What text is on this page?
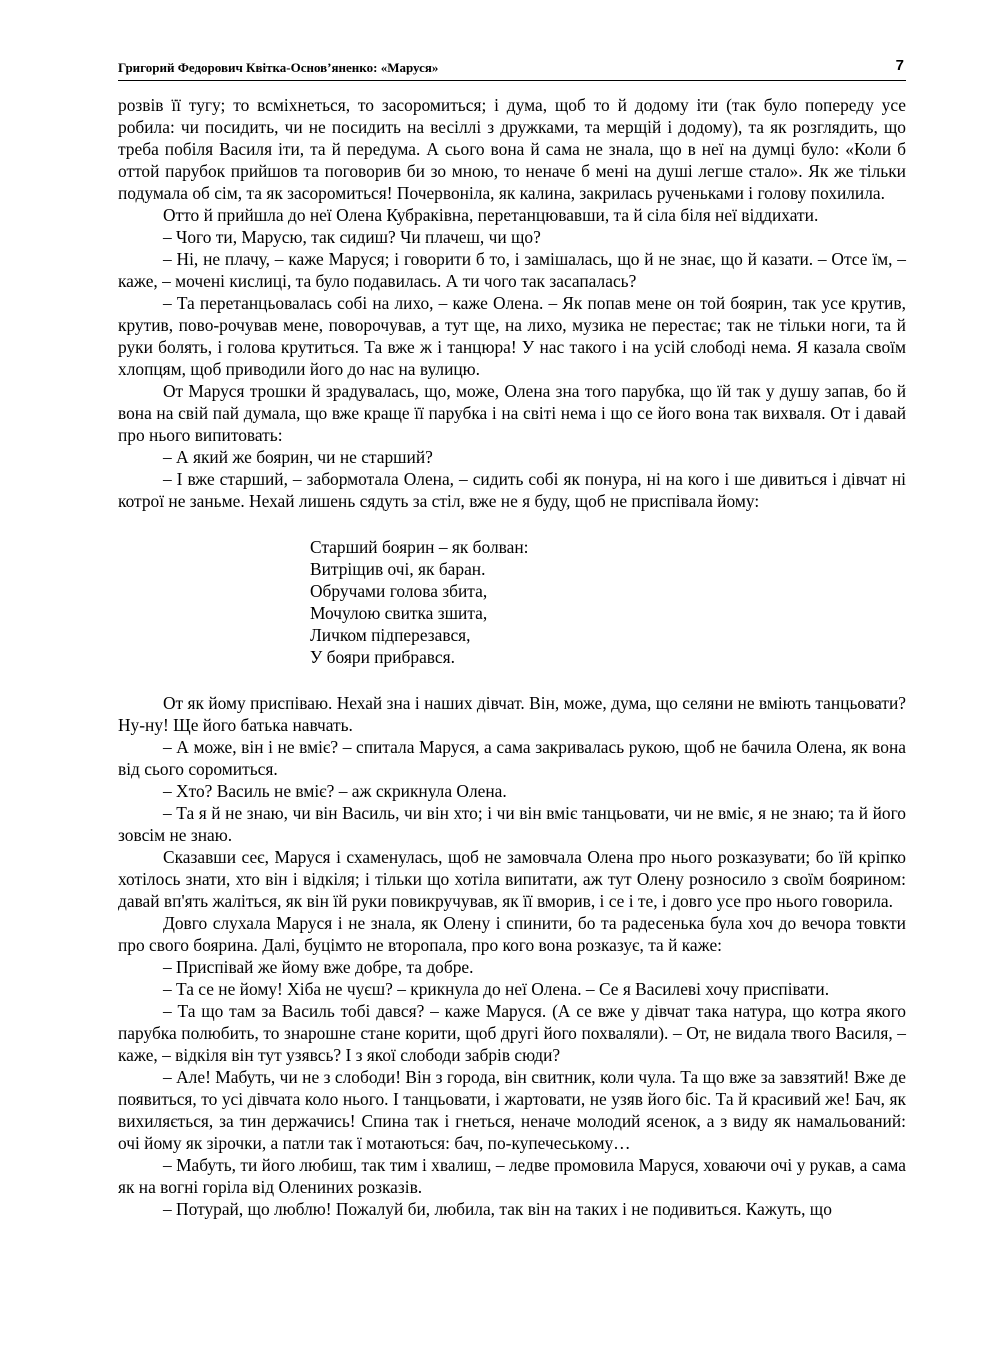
Григорий Федорович Квітка-Основ’яненко: «Маруся»	7

розвів її тугу; то всміхнеться, то засоромиться; і дума, щоб то й додому іти (так було попереду усе робила: чи посидить, чи не посидить на весіллі з дружками, та мерщій і додому), та як розглядить, що треба побіля Василя іти, та й передума. А сього вона й сама не знала, що в неї на думці було: «Коли б оттой парубок прийшов та поговорив би зо мною, то неначе б мені на душі легше стало». Як же тільки подумала об сім, та як засоромиться! Почервоніла, як калина, закрилась рученьками і голову похилила.

Отто й прийшла до неї Олена Кубраківна, перетанцювавши, та й сіла біля неї віддихати.

– Чого ти, Марусю, так сидиш? Чи плачеш, чи що?

– Ні, не плачу, – каже Маруся; і говорити б то, і замішалась, що й не знає, що й казати. – Отсе їм, – каже, – мочені кислиці, та було подавилась. А ти чого так засапалась?

– Та перетанцьовалась собі на лихо, – каже Олена. – Як попав мене он той боярин, так усе крутив, крутив, пово-рочував мене, поворочував, а тут ще, на лихо, музика не перестає; так не тільки ноги, та й руки болять, і голова крутиться. Та вже ж і танцюра! У нас такого і на усій слободі нема. Я казала своїм хлопцям, щоб приводили його до нас на вулицю.

От Маруся трошки й зрадувалась, що, може, Олена зна того парубка, що їй так у душу запав, бо й вона на свій пай думала, що вже краще її парубка і на світі нема і що се його вона так вихваля. От і давай про нього випитовать:

– А який же боярин, чи не старший?

– І вже старший, – забормотала Олена, – сидить собі як понура, ні на кого і ше дивиться і дівчат ні котрої не заньме. Нехай лишень сядуть за стіл, вже не я буду, щоб не приспівала йому:

Старший боярин – як болван:
Витріщив очі, як баран.
Обручами голова збита,
Мочулою свитка зшита,
Личком підперезався,
У бояри прибрався.

От як йому приспіваю. Нехай зна і наших дівчат. Він, може, дума, що селяни не вміють танцьовати? Ну-ну! Ще його батька навчать.

– А може, він і не вміє? – спитала Маруся, а сама закривалась рукою, щоб не бачила Олена, як вона від сього соромиться.

– Хто? Василь не вміє? – аж скрикнула Олена.

– Та я й не знаю, чи він Василь, чи він хто; і чи він вміє танцьовати, чи не вміє, я не знаю; та й його зовсім не знаю.

Сказавши сеє, Маруся і схаменулась, щоб не замовчала Олена про нього розказувати; бо їй кріпко хотілось знати, хто він і відкіля; і тільки що хотіла випитати, аж тут Олену розносило з своїм боярином: давай вп'ять жаліться, як він їй руки повикручував, як її вморив, і се і те, і довго усе про нього говорила.

Довго слухала Маруся і не знала, як Олену і спинити, бо та радесенька була хоч до вечора товкти про свого боярина. Далі, буцімто не второпала, про кого вона розказує, та й каже:

– Приспівай же йому вже добре, та добре.

– Та се не йому! Хіба не чуєш? – крикнула до неї Олена. – Се я Василеві хочу приспівати.

– Та що там за Василь тобі дався? – каже Маруся. (А се вже у дівчат така натура, що котра якого парубка полюбить, то знарошне стане корити, щоб другі його похваляли). – От, не видала твого Василя, – каже, – відкіля він тут узявсь? І з якої слободи забрів сюди?

– Але! Мабуть, чи не з слободи! Він з города, він свитник, коли чула. Та що вже за завзятий! Вже де появиться, то усі дівчата коло нього. І танцьовати, і жартовати, не узяв його біс. Та й красивий же! Бач, як вихиляється, за тин держачись! Спина так і гнеться, неначе молодий ясенок, а з виду як намальований: очі йому як зірочки, а патли так ї мотаються: бач, по-купечеському…

– Мабуть, ти його любиш, так тим і хвалиш, – ледве промовила Маруся, ховаючи очі у рукав, а сама як на вогні горіла від Олениних розказів.

– Потурай, що люблю! Пожалуй би, любила, так він на таких і не подивиться. Кажуть, що
